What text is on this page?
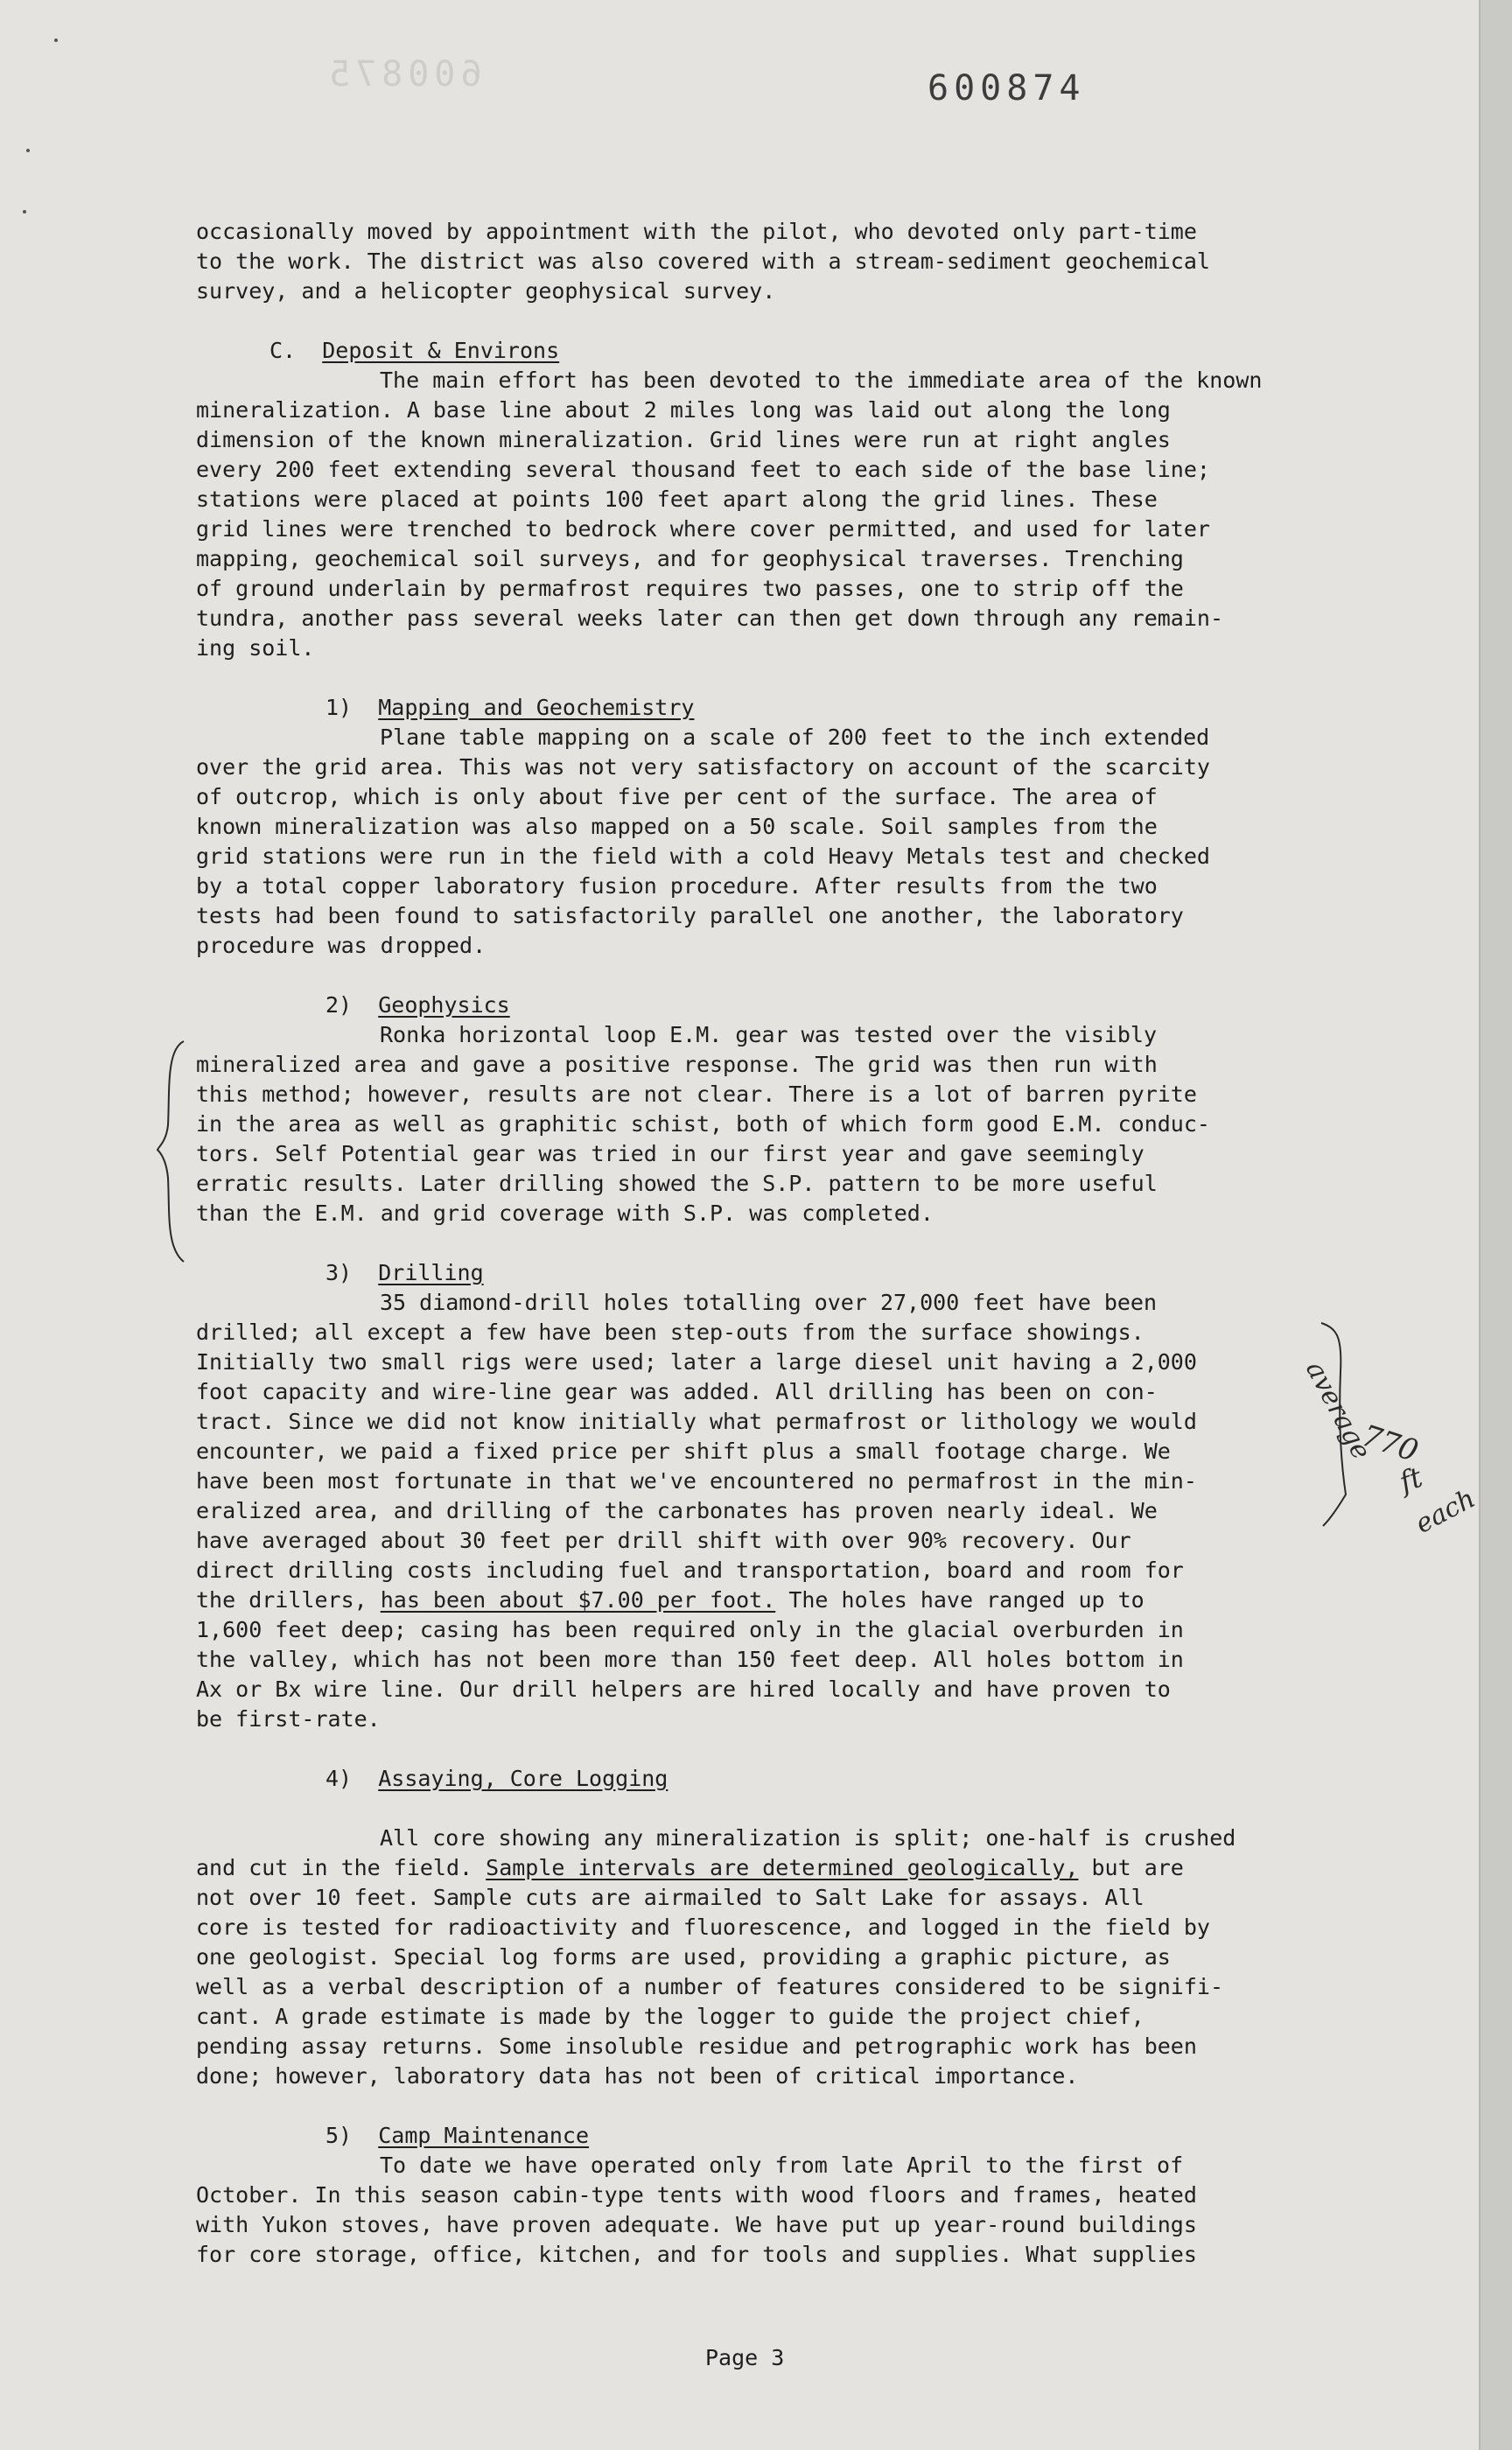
600875	600874

occasionally moved by appointment with the pilot, who devoted only part-time

to the work. The district was also covered with a stream-sediment geochemical

survey, and a helicopter geophysical survey.

C. Deposit & Environs

The main effort has been devoted to the immediate area of the known

mineralization. A base line about 2 miles long was laid out along the long

dimension of the known mineralization. Grid lines were run at right angles

every 200 feet extending several thousand feet to each side of the base line;

stations were placed at points 100 feet apart along the grid lines. These

grid lines were trenched to bedrock where cover permitted, and used for later

mapping, geochemical soil surveys, and for geophysical traverses. Trenching

of ground underlain by permafrost requires two passes, one to strip off the

tundra, another pass several weeks later can then get down through any remain-

ing soil.

1) Mapping and Geochemistry

Plane table mapping on a scale of 200 feet to the inch extended

over the grid area. This was not very satisfactory on account of the scarcity

of outcrop, which is only about five per cent of the surface. The area of

known mineralization was also mapped on a 50 scale. Soil samples from the

grid stations were run in the field with a cold Heavy Metals test and checked

by a total copper laboratory fusion procedure. After results from the two

tests had been found to satisfactorily parallel one another, the laboratory

procedure was dropped.

2) Geophysics

Ronka horizontal loop E.M. gear was tested over the visibly

mineralized area and gave a positive response. The grid was then run with

this method; however, results are not clear. There is a lot of barren pyrite

in the area as well as graphitic schist, both of which form good E.M. conduc-

tors. Self Potential gear was tried in our first year and gave seemingly

erratic results. Later drilling showed the S.P. pattern to be more useful

than the E.M. and grid coverage with S.P. was completed.

3) Drilling

35 diamond-drill holes totalling over 27,000 feet have been

drilled; all except a few have been step-outs from the surface showings.

Initially two small rigs were used; later a large diesel unit having a 2,000

foot capacity and wire-line gear was added. All drilling has been on con-

tract. Since we did not know initially what permafrost or lithology we would

encounter, we paid a fixed price per shift plus a small footage charge. We

have been most fortunate in that we've encountered no permafrost in the min-

eralized area, and drilling of the carbonates has proven nearly ideal. We

have averaged about 30 feet per drill shift with over 90% recovery. Our

direct drilling costs including fuel and transportation, board and room for

the drillers, has been about $7.00 per foot. The holes have ranged up to

1,600 feet deep; casing has been required only in the glacial overburden in

the valley, which has not been more than 150 feet deep. All holes bottom in

Ax or Bx wire line. Our drill helpers are hired locally and have proven to

be first-rate.

4) Assaying, Core Logging

All core showing any mineralization is split; one-half is crushed

and cut in the field. Sample intervals are determined geologically, but are

not over 10 feet. Sample cuts are airmailed to Salt Lake for assays. All

core is tested for radioactivity and fluorescence, and logged in the field by

one geologist. Special log forms are used, providing a graphic picture, as

well as a verbal description of a number of features considered to be signifi-

cant. A grade estimate is made by the logger to guide the project chief,

pending assay returns. Some insoluble residue and petrographic work has been

done; however, laboratory data has not been of critical importance.

5) Camp Maintenance

To date we have operated only from late April to the first of

October. In this season cabin-type tents with wood floors and frames, heated

with Yukon stoves, have proven adequate. We have put up year-round buildings

for core storage, office, kitchen, and for tools and supplies. What supplies

average
770
ft
each
Page 3
